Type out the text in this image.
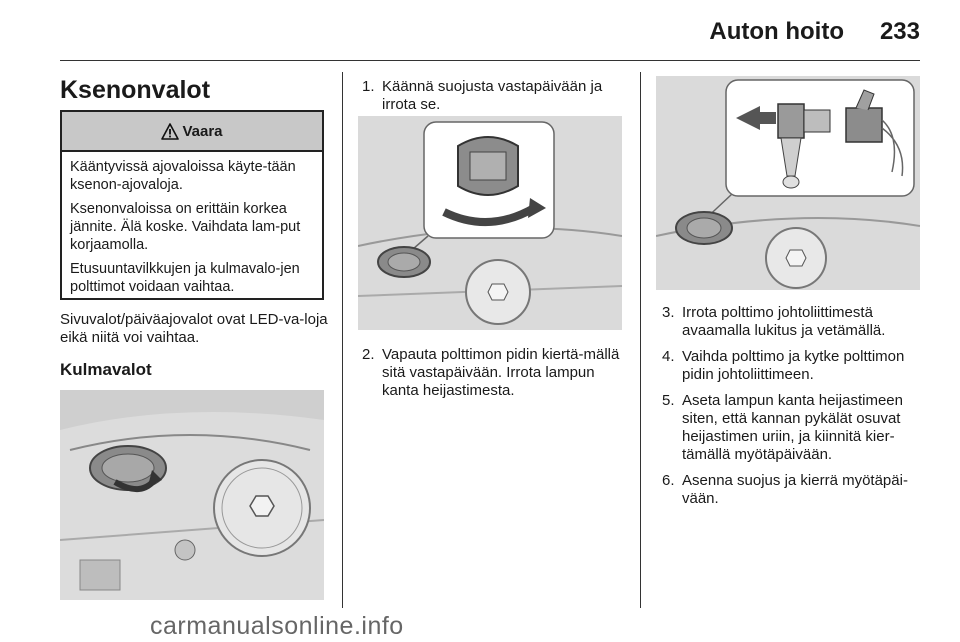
Auton hoito 233
Ksenonvalot
Vaara

Kääntyvissä ajovaloissa käyte-tään ksenon-ajovaloja.

Ksenonvaloissa on erittäin korkea jännite. Älä koske. Vaihdata lam-put korjaamolla.

Etusuuntavilkkujen ja kulmavalo-jen polttimot voidaan vaihtaa.

Sivuvalot/päiväajovalot ovat LED-va-loja eikä niitä voi vaihtaa.
Kulmavalot
1. Käännä suojusta vastapäivään ja irrota se.
2. Vapauta polttimon pidin kiertä-mällä sitä vastapäivään. Irrota lampun kanta heijastimesta.
3. Irrota polttimo johtoliittimestä avaamalla lukitus ja vetämällä.
4. Vaihda polttimo ja kytke polttimon pidin johtoliittimeen.
5. Aseta lampun kanta heijastimeen siten, että kannan pykälät osuvat heijastimen uriin, ja kiinnitä kier-tämällä myötäpäivään.
6. Asenna suojus ja kierrä myötäpäi-vään.
carmanualsonline.info
